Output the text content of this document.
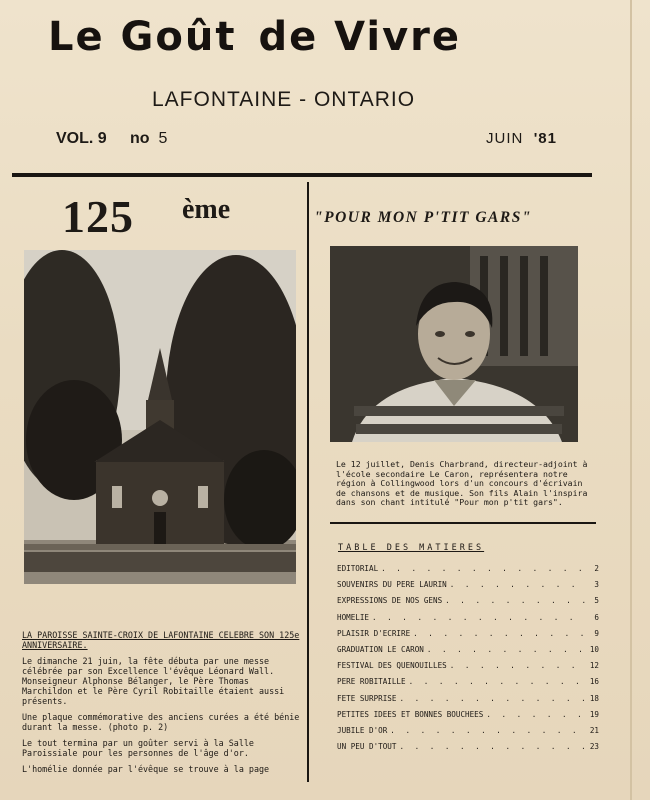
Le Goût de Vivre
LAFONTAINE - ONTARIO
VOL. 9 no 5	JUIN '81
125 ème
LA PAROISSE SAINTE-CROIX DE LAFONTAINE CELEBRE SON 125e ANNIVERSAIRE.

Le dimanche 21 juin, la fête débuta par une messe célébrée par son Excellence l'évêque Léonard Wall. Monseigneur Alphonse Bélanger, le Père Thomas Marchildon et le Père Cyril Robitaille étaient aussi présents.

Une plaque commémorative des anciens curées a été bénie durant la messe. (photo p. 2)

Le tout termina par un goûter servi à la Salle Paroissiale pour les personnes de l'âge d'or.

L'homélie donnée par l'évêque se trouve à la page

"POUR MON P'TIT GARS"
Le 12 juillet, Denis Charbrand, directeur-adjoint à l'école secondaire Le Caron, représentera notre région à Collingwood lors d'un concours d'écrivain de chansons et de musique. Son fils Alain l'inspira dans son chant intitulé "Pour mon p'tit gars".
TABLE DES MATIERES
EDITORIAL . . .	2
SOUVENIRS DU PERE LAURIN . . .	3
EXPRESSIONS DE NOS GENS . . .	5
HOMELIE . . .	6
PLAISIR D'ECRIRE . . .	9
GRADUATION LE CARON . . .	10
FESTIVAL DES QUENOUILLES . . .	12
PERE ROBITAILLE . . .	16
FETE SURPRISE . . .	18
PETITES IDEES ET BONNES BOUCHEES . . .	19
JUBILE D'OR . . .	21
UN PEU D'TOUT . . .	23
